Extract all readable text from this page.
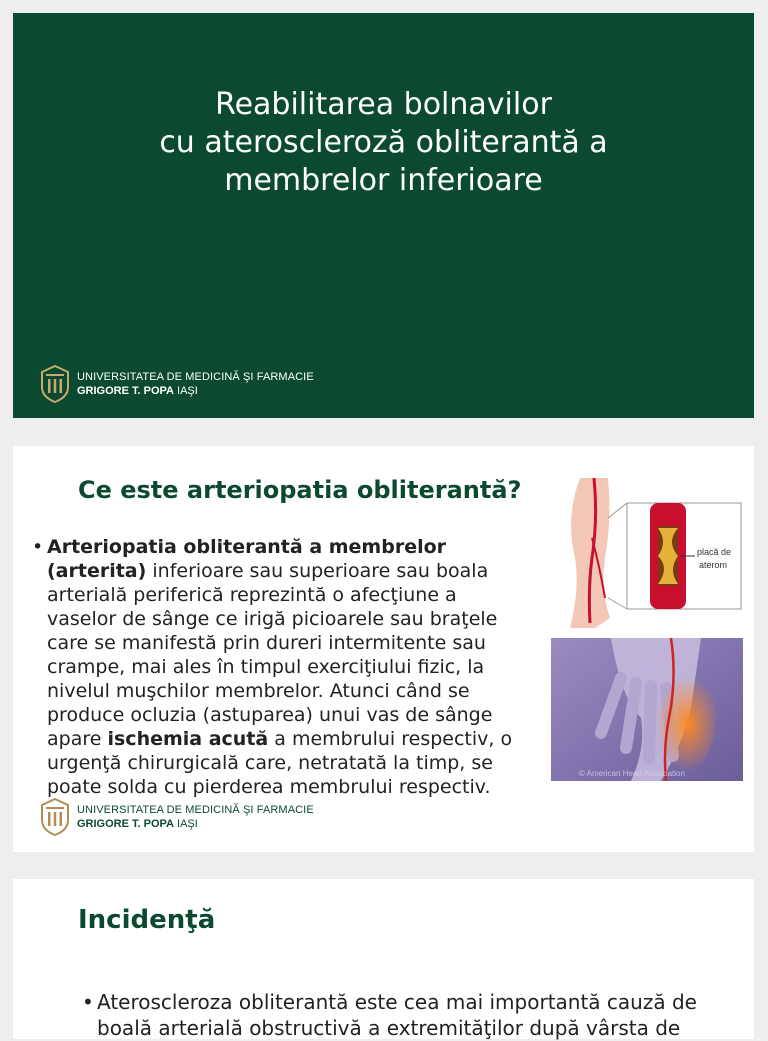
Reabilitarea bolnavilor
cu ateroscleroză obliterantă a
membrelor inferioare
UNIVERSITATEA DE MEDICINĂ ŞI FARMACIE
GRIGORE T. POPA IAŞI
Ce este arteriopatia obliterantă?
• Arteriopatia obliterantă a membrelor (arterita) inferioare sau superioare sau boala arterială periferică reprezintă o afecţiune a vaselor de sânge ce irigă picioarele sau braţele care se manifestă prin dureri intermitente sau crampe, mai ales în timpul exerciţiului fizic, la nivelul muşchilor membrelor. Atunci când se produce ocluzia (astuparea) unui vas de sânge apare ischemia acută a membrului respectiv, o urgenţă chirurgicală care, netratată la timp, se poate solda cu pierderea membrului respectiv.
placă de
aterom
© American Heart Association
UNIVERSITATEA DE MEDICINĂ ŞI FARMACIE
GRIGORE T. POPA IAŞI
Incidenţă
• Ateroscleroza obliterantă este cea mai importantă cauză de boală arterială obstructivă a extremităţilor după vârsta de
